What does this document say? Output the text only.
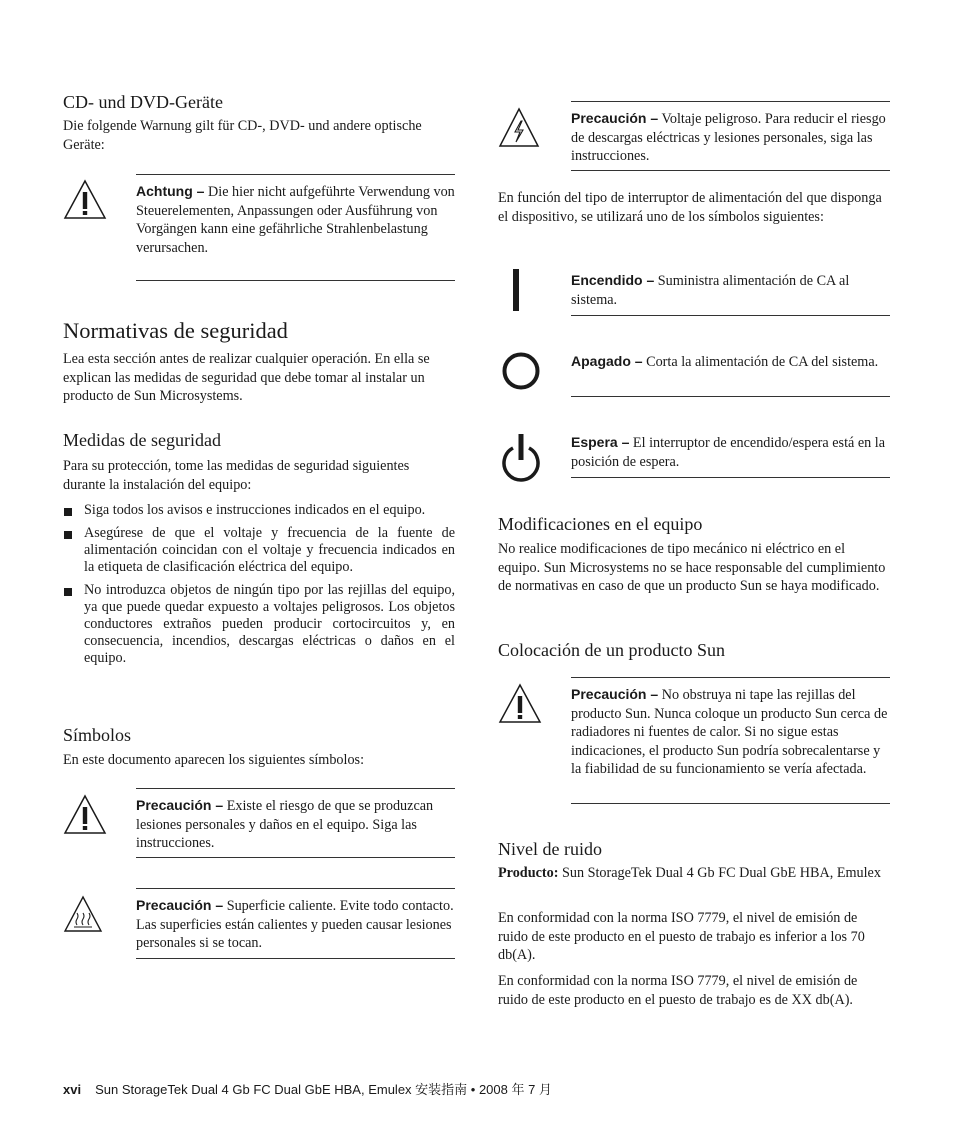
CD- und DVD-Geräte

Die folgende Warnung gilt für CD-, DVD- und andere optische Geräte:

Achtung – Die hier nicht aufgeführte Verwendung von Steuerelementen, Anpassungen oder Ausführung von Vorgängen kann eine gefährliche Strahlenbelastung verursachen.
Normativas de seguridad

Lea esta sección antes de realizar cualquier operación. En ella se explican las medidas de seguridad que debe tomar al instalar un producto de Sun Microsystems.

Medidas de seguridad

Para su protección, tome las medidas de seguridad siguientes durante la instalación del equipo:

Siga todos los avisos e instrucciones indicados en el equipo.
Asegúrese de que el voltaje y frecuencia de la fuente de alimentación coincidan con el voltaje y frecuencia indicados en la etiqueta de clasificación eléctrica del equipo.
No introduzca objetos de ningún tipo por las rejillas del equipo, ya que puede quedar expuesto a voltajes peligrosos. Los objetos conductores extraños pueden producir cortocircuitos y, en consecuencia, incendios, descargas eléctricas o daños en el equipo.
Símbolos

En este documento aparecen los siguientes símbolos:

Precaución – Existe el riesgo de que se produzcan lesiones personales y daños en el equipo. Siga las instrucciones.
Precaución – Superficie caliente. Evite todo contacto. Las superficies están calientes y pueden causar lesiones personales si se tocan.
Precaución – Voltaje peligroso. Para reducir el riesgo de descargas eléctricas y lesiones personales, siga las instrucciones.

En función del tipo de interruptor de alimentación del que disponga el dispositivo, se utilizará uno de los símbolos siguientes:

Encendido – Suministra alimentación de CA al sistema.
Apagado – Corta la alimentación de CA del sistema.
Espera – El interruptor de encendido/espera está en la posición de espera.
Modificaciones en el equipo

No realice modificaciones de tipo mecánico ni eléctrico en el equipo. Sun Microsystems no se hace responsable del cumplimiento de normativas en caso de que un producto Sun se haya modificado.

Colocación de un producto Sun
Precaución – No obstruya ni tape las rejillas del producto Sun. Nunca coloque un producto Sun cerca de radiadores ni fuentes de calor. Si no sigue estas indicaciones, el producto Sun podría sobrecalentarse y la fiabilidad de su funcionamiento se vería afectada.
Nivel de ruido

Producto: Sun StorageTek Dual 4 Gb FC Dual GbE HBA, Emulex

En conformidad con la norma ISO 7779, el nivel de emisión de ruido de este producto en el puesto de trabajo es inferior a los 70 db(A).

En conformidad con la norma ISO 7779, el nivel de emisión de ruido de este producto en el puesto de trabajo es de XX db(A).

xvi Sun StorageTek Dual 4 Gb FC Dual GbE HBA, Emulex 安装指南 • 2008 年 7 月
